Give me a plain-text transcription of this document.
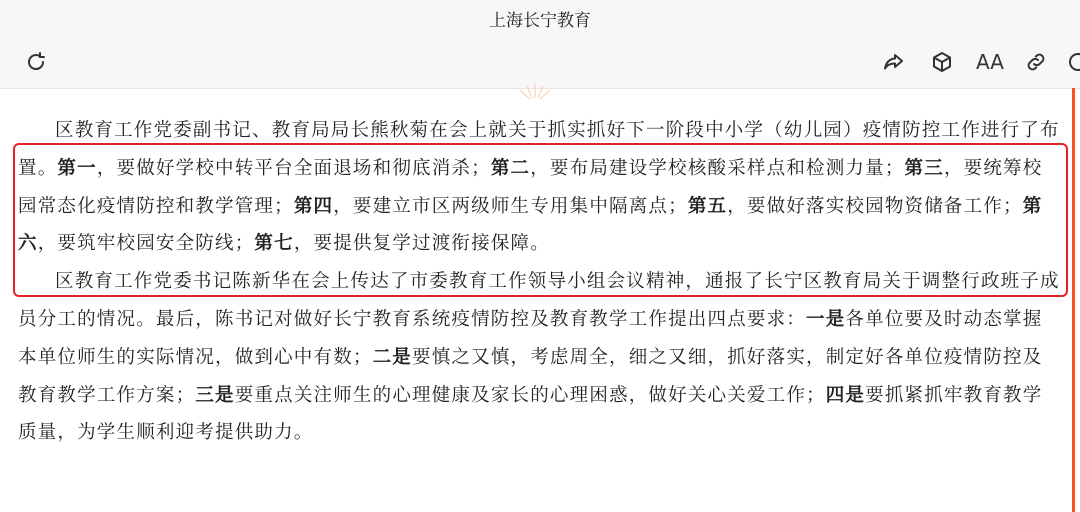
上海长宁教育
AA

区教育工作党委副书记、教育局局长熊秋菊在会上就关于抓实抓好下一阶段中小学（幼儿园）疫情防控工作进行了布置。第一，要做好学校中转平台全面退场和彻底消杀；第二，要布局建设学校核酸采样点和检测力量；第三，要统筹校园常态化疫情防控和教学管理；第四，要建立市区两级师生专用集中隔离点；第五，要做好落实校园物资储备工作；第六，要筑牢校园安全防线；第七，要提供复学过渡衔接保障。

区教育工作党委书记陈新华在会上传达了市委教育工作领导小组会议精神，通报了长宁区教育局关于调整行政班子成员分工的情况。最后，陈书记对做好长宁教育系统疫情防控及教育教学工作提出四点要求：一是各单位要及时动态掌握本单位师生的实际情况，做到心中有数；二是要慎之又慎，考虑周全，细之又细，抓好落实，制定好各单位疫情防控及教育教学工作方案；三是要重点关注师生的心理健康及家长的心理困惑，做好关心关爱工作；四是要抓紧抓牢教育教学质量，为学生顺利迎考提供助力。
